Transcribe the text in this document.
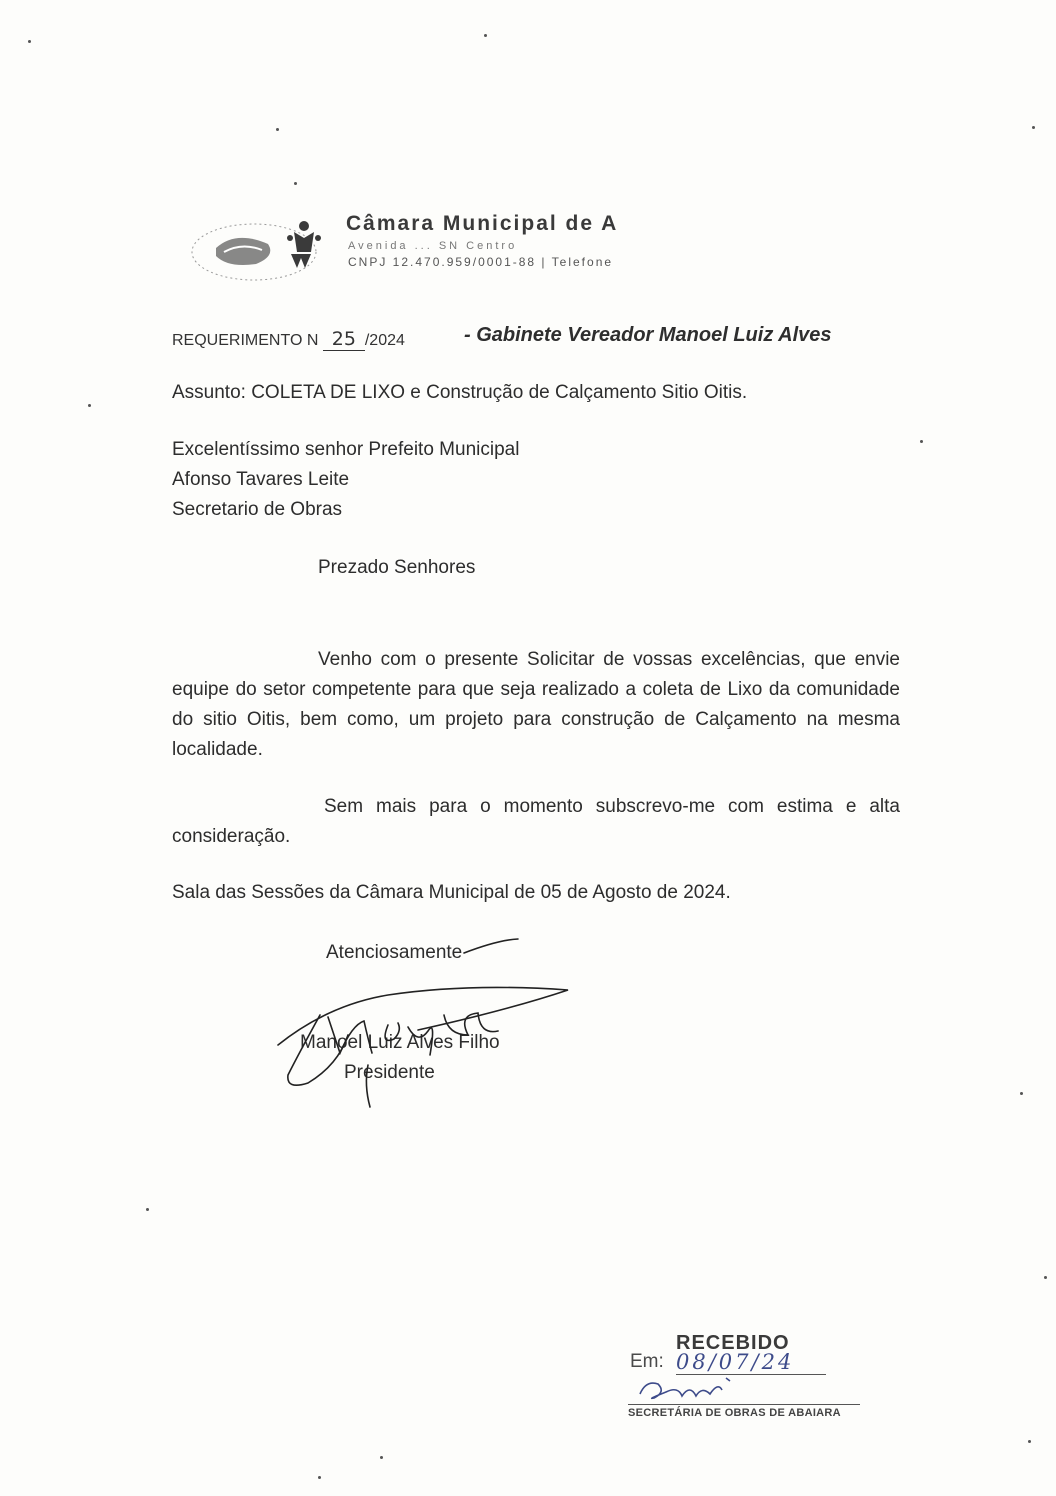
Câmara Municipal de A
Avenida ... SN Centro
CNPJ 12.470.959/0001-88 | Telefone
REQUERIMENTO N 25 /2024	- Gabinete Vereador Manoel Luiz Alves
Assunto: COLETA DE LIXO e Construção de Calçamento Sitio Oitis.
Excelentíssimo senhor Prefeito Municipal
Afonso Tavares Leite
Secretario de Obras
Prezado Senhores
Venho com o presente Solicitar de vossas excelências, que envie equipe do setor competente para que seja realizado a coleta de Lixo da comunidade do sitio Oitis, bem como, um projeto para construção de Calçamento na mesma localidade.
Sem mais para o momento subscrevo-me com estima e alta consideração.
Sala das Sessões da Câmara Municipal de 05 de Agosto de 2024.
Atenciosamente
Manoel Luiz Alves Filho
Presidente
RECEBIDO
Em: 08/07/24
SECRETÁRIA DE OBRAS DE ABAIARA
